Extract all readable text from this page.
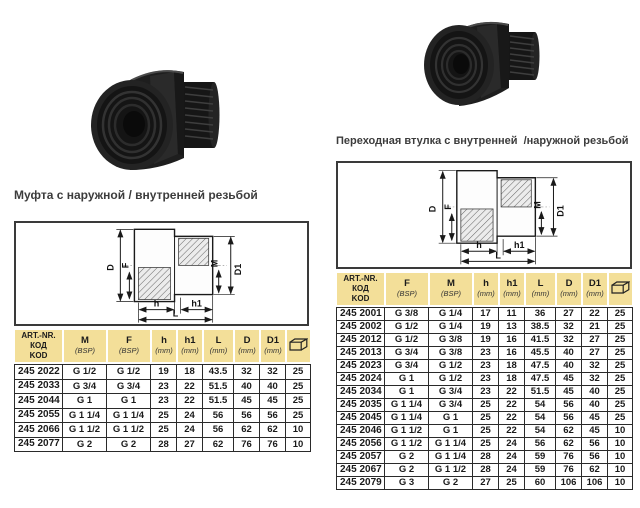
Муфта с наружной / внутренней резьбой
D F	M
D1
h	h1
L
ART.-NR.
КОД
KOD

M
(BSP)

F
(BSP)

h
(mm)

h1
(mm)

L
(mm)

D
(mm)

D1
(mm)

245 2022	G 1/2	G 1/2	19	18	43.5	32	32	25
245 2033	G 3/4	G 3/4	23	22	51.5	40	40	25
245 2044	G 1	G 1	23	22	51.5	45	45	25
245 2055	G 1 1/4	G 1 1/4	25	24	56	56	56	25
245 2066	G 1 1/2	G 1 1/2	25	24	56	62	62	10
245 2077	G 2	G 2	28	27	62	76	76	10
Переходная втулка с внутренней  /наружной резьбой
D F	M
D1
h	h1
L
ART.-NR.
КОД
KOD

F
(BSP)

M
(BSP)

h
(mm)

h1
(mm)

L
(mm)

D
(mm)

D1
(mm)

245 2001	G 3/8	G 1/4	17	11	36	27	22	25
245 2002	G 1/2	G 1/4	19	13	38.5	32	21	25
245 2012	G 1/2	G 3/8	19	16	41.5	32	27	25
245 2013	G 3/4	G 3/8	23	16	45.5	40	27	25
245 2023	G 3/4	G 1/2	23	18	47.5	40	32	25
245 2024	G 1	G 1/2	23	18	47.5	45	32	25
245 2034	G 1	G 3/4	23	22	51.5	45	40	25
245 2035	G 1 1/4	G 3/4	25	22	54	56	40	25
245 2045	G 1 1/4	G 1	25	22	54	56	45	25
245 2046	G 1 1/2	G 1	25	22	54	62	45	10
245 2056	G 1 1/2	G 1 1/4	25	24	56	62	56	10
245 2057	G 2	G 1 1/4	28	24	59	76	56	10
245 2067	G 2	G 1 1/2	28	24	59	76	62	10
245 2079	G 3	G 2	27	25	60	106	106	10
